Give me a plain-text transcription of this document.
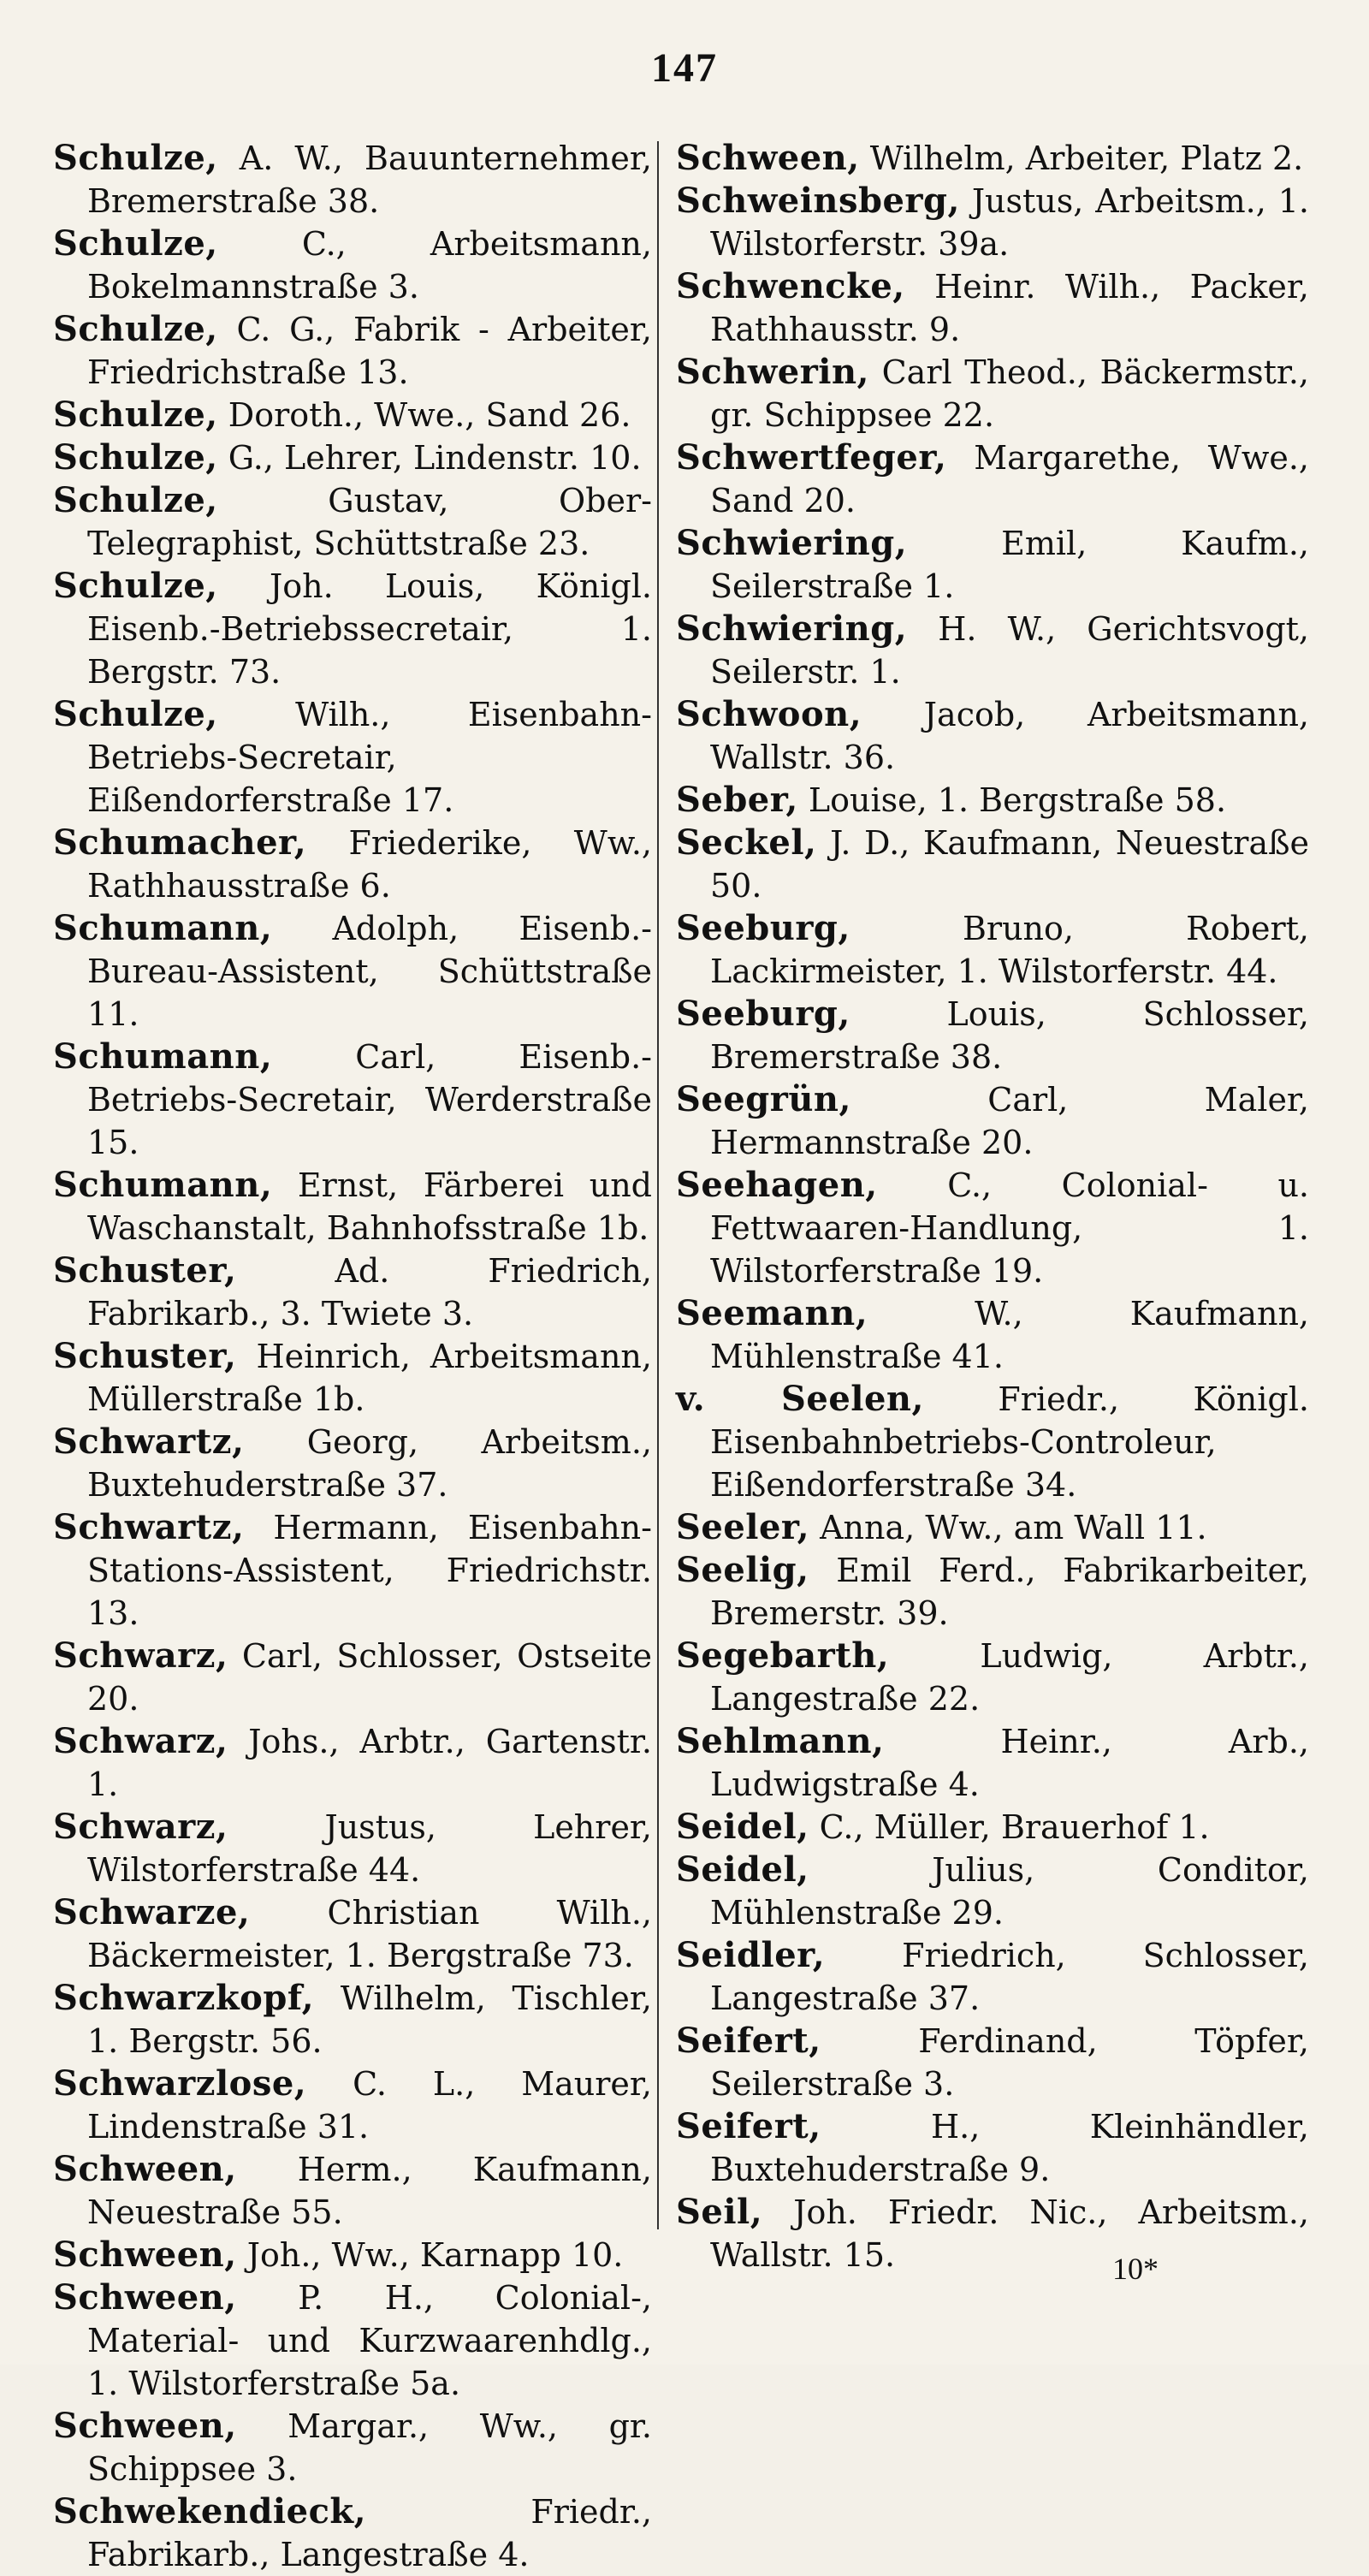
147

Schulze, A. W., Bauunternehmer, Bremerstraße 38.

Schulze, C., Arbeitsmann, Bokelmannstraße 3.

Schulze, C. G., Fabrik - Arbeiter, Friedrichstraße 13.

Schulze, Doroth., Wwe., Sand 26.

Schulze, G., Lehrer, Lindenstr. 10.

Schulze, Gustav, Ober-Telegraphist, Schüttstraße 23.

Schulze, Joh. Louis, Königl. Eisenb.-Betriebssecretair, 1. Bergstr. 73.

Schulze, Wilh., Eisenbahn-Betriebs-Secretair, Eißendorferstraße 17.

Schumacher, Friederike, Ww., Rathhausstraße 6.

Schumann, Adolph, Eisenb.-Bureau-Assistent, Schüttstraße 11.

Schumann, Carl, Eisenb.-Betriebs-Secretair, Werderstraße 15.

Schumann, Ernst, Färberei und Waschanstalt, Bahnhofsstraße 1b.

Schuster, Ad. Friedrich, Fabrikarb., 3. Twiete 3.

Schuster, Heinrich, Arbeitsmann, Müllerstraße 1b.

Schwartz, Georg, Arbeitsm., Buxtehuderstraße 37.

Schwartz, Hermann, Eisenbahn-Stations-Assistent, Friedrichstr. 13.

Schwarz, Carl, Schlosser, Ostseite 20.

Schwarz, Johs., Arbtr., Gartenstr. 1.

Schwarz, Justus, Lehrer, Wilstorferstraße 44.

Schwarze, Christian Wilh., Bäckermeister, 1. Bergstraße 73.

Schwarzkopf, Wilhelm, Tischler, 1. Bergstr. 56.

Schwarzlose, C. L., Maurer, Lindenstraße 31.

Schween, Herm., Kaufmann, Neuestraße 55.

Schween, Joh., Ww., Karnapp 10.

Schween, P. H., Colonial-, Material- und Kurzwaarenhdlg., 1. Wilstorferstraße 5a.

Schween, Margar., Ww., gr. Schippsee 3.

Schwekendieck, Friedr., Fabrikarb., Langestraße 4.

Schween, Wilhelm, Arbeiter, Platz 2.

Schweinsberg, Justus, Arbeitsm., 1. Wilstorferstr. 39a.

Schwencke, Heinr. Wilh., Packer, Rathhausstr. 9.

Schwerin, Carl Theod., Bäckermstr., gr. Schippsee 22.

Schwertfeger, Margarethe, Wwe., Sand 20.

Schwiering, Emil, Kaufm., Seilerstraße 1.

Schwiering, H. W., Gerichtsvogt, Seilerstr. 1.

Schwoon, Jacob, Arbeitsmann, Wallstr. 36.

Seber, Louise, 1. Bergstraße 58.

Seckel, J. D., Kaufmann, Neuestraße 50.

Seeburg, Bruno, Robert, Lackirmeister, 1. Wilstorferstr. 44.

Seeburg, Louis, Schlosser, Bremerstraße 38.

Seegrün, Carl, Maler, Hermannstraße 20.

Seehagen, C., Colonial- u. Fettwaaren-Handlung, 1. Wilstorferstraße 19.

Seemann, W., Kaufmann, Mühlenstraße 41.

v. Seelen, Friedr., Königl. Eisenbahnbetriebs-Controleur, Eißendorferstraße 34.

Seeler, Anna, Ww., am Wall 11.

Seelig, Emil Ferd., Fabrikarbeiter, Bremerstr. 39.

Segebarth, Ludwig, Arbtr., Langestraße 22.

Sehlmann, Heinr., Arb., Ludwigstraße 4.

Seidel, C., Müller, Brauerhof 1.

Seidel, Julius, Conditor, Mühlenstraße 29.

Seidler, Friedrich, Schlosser, Langestraße 37.

Seifert, Ferdinand, Töpfer, Seilerstraße 3.

Seifert, H., Kleinhändler, Buxtehuderstraße 9.

Seil, Joh. Friedr. Nic., Arbeitsm., Wallstr. 15.	10*
